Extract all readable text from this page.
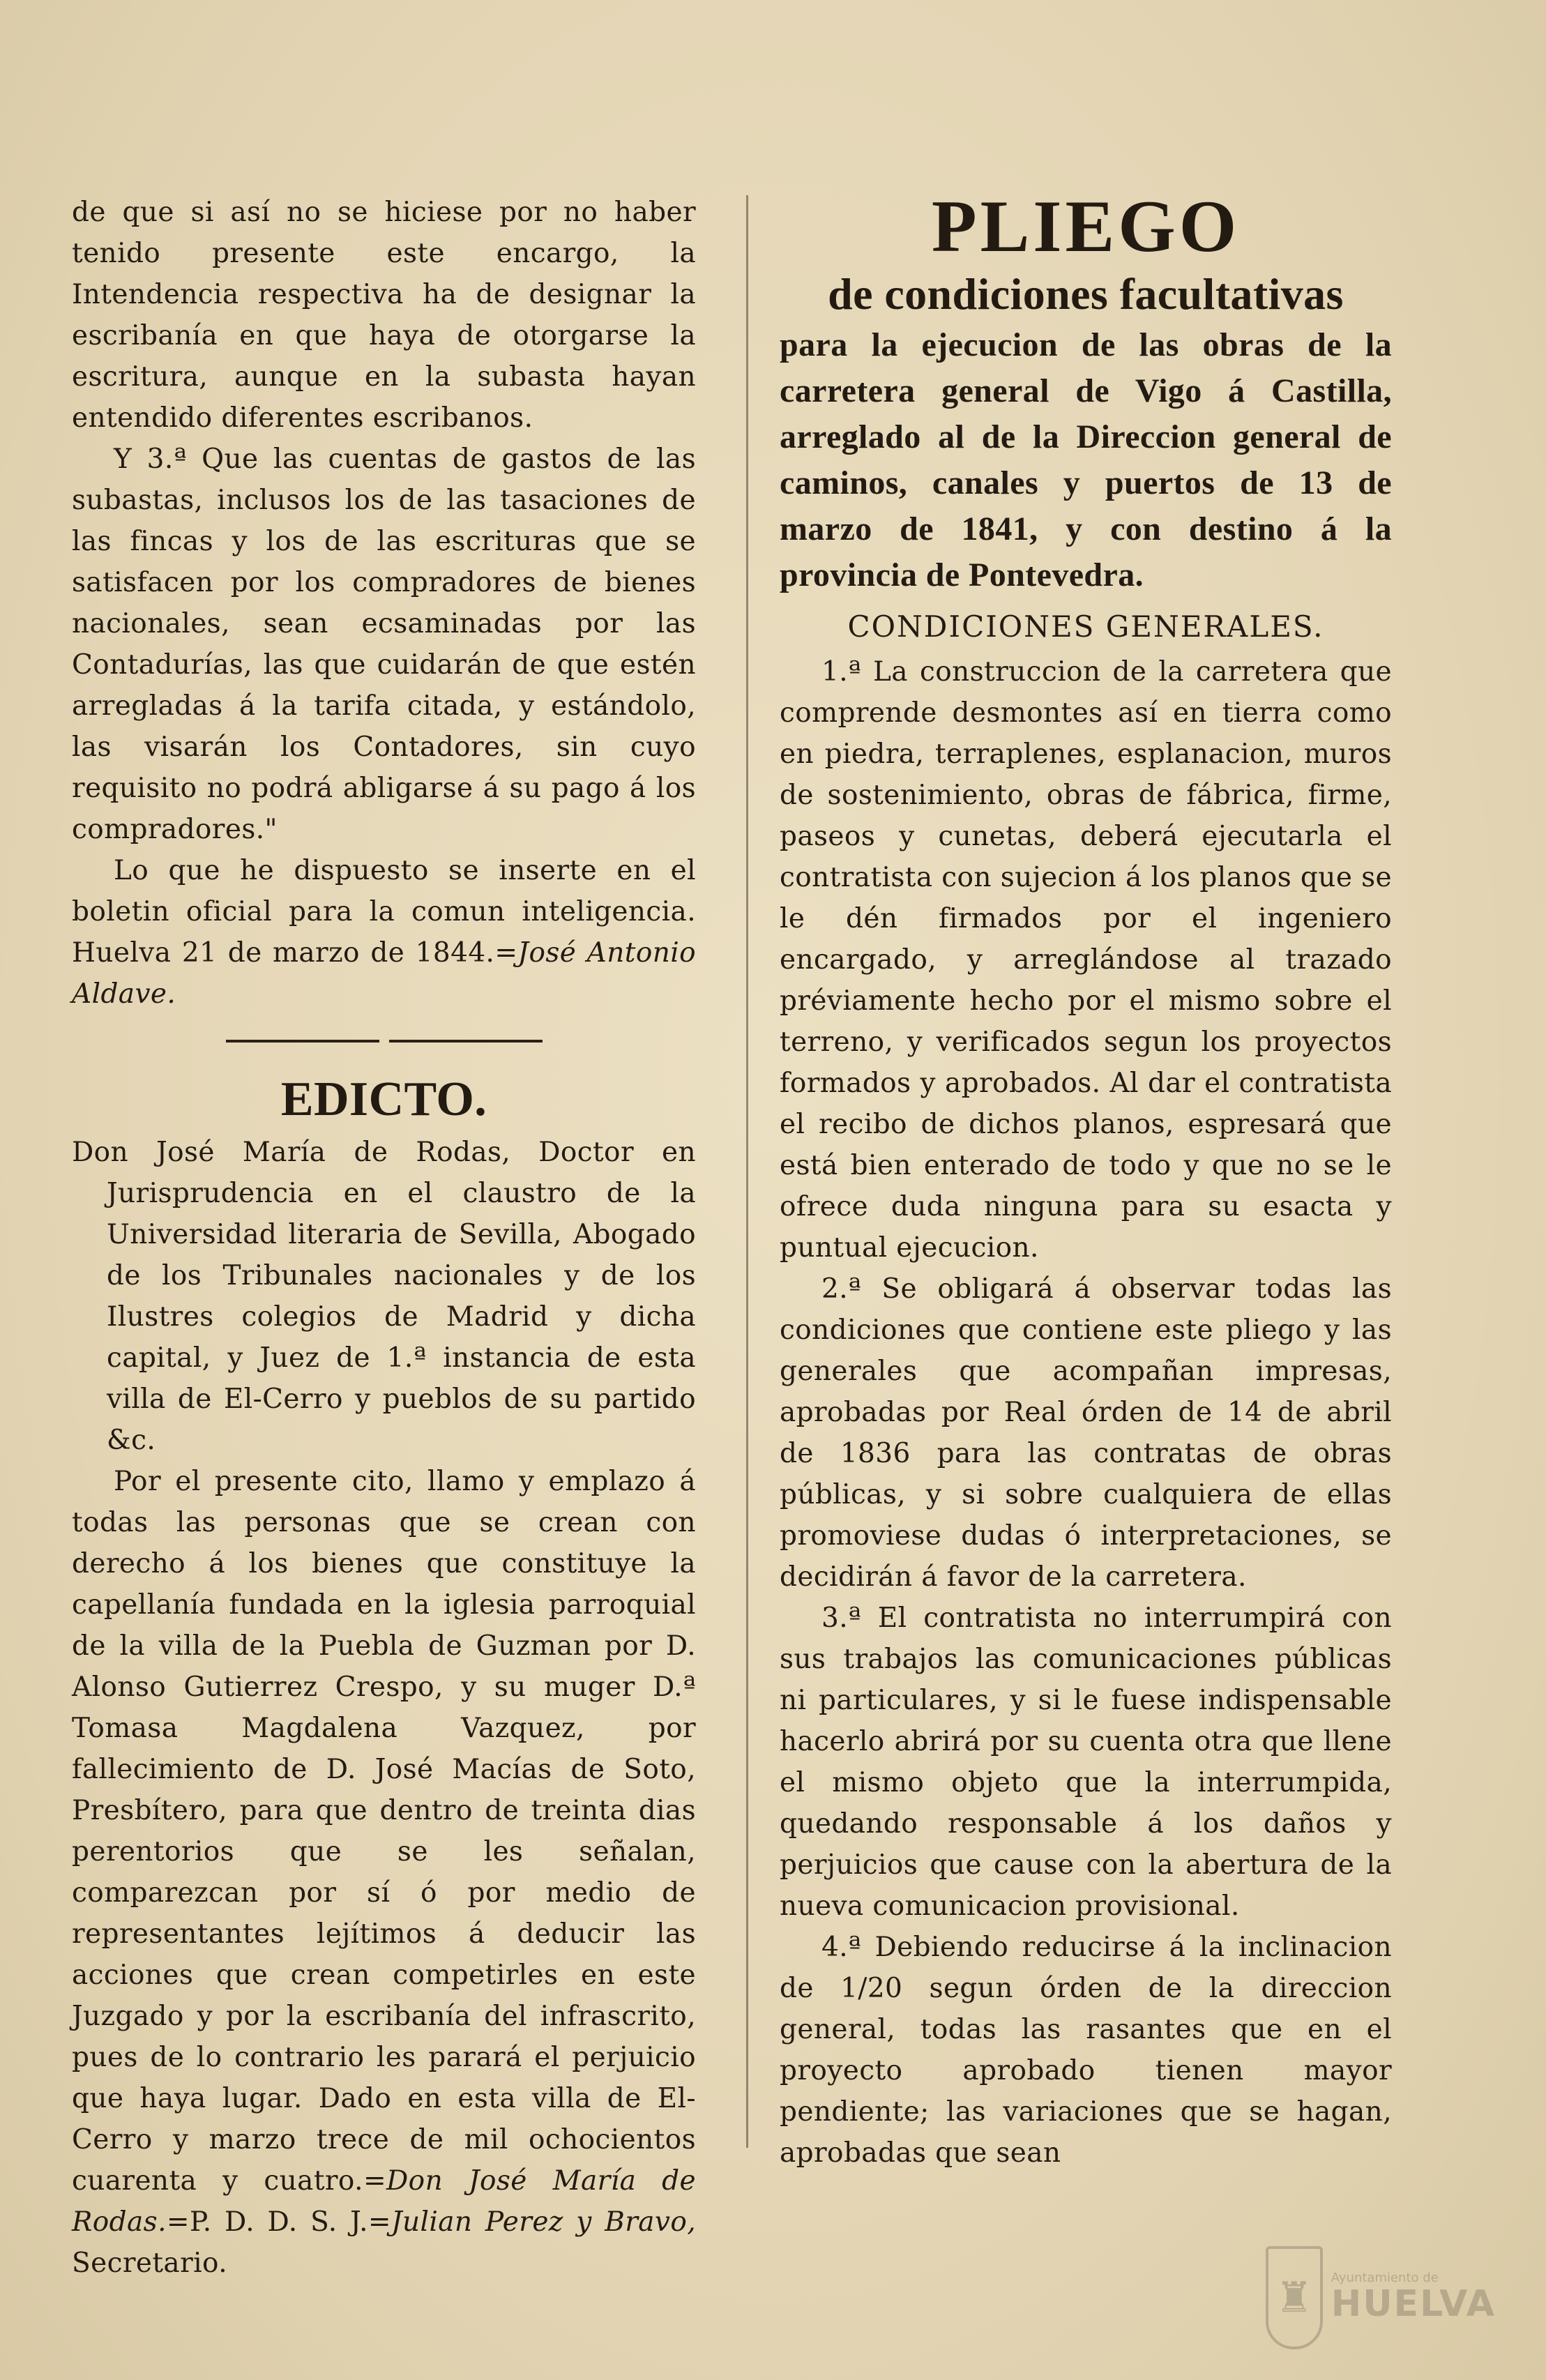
de que si así no se hiciese por no haber tenido presente este encargo, la Intendencia respectiva ha de designar la escribanía en que haya de otorgarse la escritura, aunque en la subasta hayan entendido diferentes escribanos.

Y 3.ª Que las cuentas de gastos de las subastas, inclusos los de las tasaciones de las fincas y los de las escrituras que se satisfacen por los compradores de bienes nacionales, sean ecsaminadas por las Contadurías, las que cuidarán de que estén arregladas á la tarifa citada, y estándolo, las visarán los Contadores, sin cuyo requisito no podrá abligarse á su pago á los compradores."

Lo que he dispuesto se inserte en el boletin oficial para la comun inteligencia. Huelva 21 de marzo de 1844.=José Antonio Aldave.

EDICTO.

Don José María de Rodas, Doctor en Jurisprudencia en el claustro de la Universidad literaria de Sevilla, Abogado de los Tribunales nacionales y de los Ilustres colegios de Madrid y dicha capital, y Juez de 1.ª instancia de esta villa de El-Cerro y pueblos de su partido &c.

Por el presente cito, llamo y emplazo á todas las personas que se crean con derecho á los bienes que constituye la capellanía fundada en la iglesia parroquial de la villa de la Puebla de Guzman por D. Alonso Gutierrez Crespo, y su muger D.ª Tomasa Magdalena Vazquez, por fallecimiento de D. José Macías de Soto, Presbítero, para que dentro de treinta dias perentorios que se les señalan, comparezcan por sí ó por medio de representantes lejítimos á deducir las acciones que crean competirles en este Juzgado y por la escribanía del infrascrito, pues de lo contrario les parará el perjuicio que haya lugar. Dado en esta villa de El-Cerro y marzo trece de mil ochocientos cuarenta y cuatro.=Don José María de Rodas.=P. D. D. S. J.=Julian Perez y Bravo, Secretario.

PLIEGO
de condiciones facultativas
para la ejecucion de las obras de la carretera general de Vigo á Castilla, arreglado al de la Direccion general de caminos, canales y puertos de 13 de marzo de 1841, y con destino á la provincia de Pontevedra.
CONDICIONES GENERALES.

1.ª La construccion de la carretera que comprende desmontes así en tierra como en piedra, terraplenes, esplanacion, muros de sostenimiento, obras de fábrica, firme, paseos y cunetas, deberá ejecutarla el contratista con sujecion á los planos que se le dén firmados por el ingeniero encargado, y arreglándose al trazado préviamente hecho por el mismo sobre el terreno, y verificados segun los proyectos formados y aprobados. Al dar el contratista el recibo de dichos planos, espresará que está bien enterado de todo y que no se le ofrece duda ninguna para su esacta y puntual ejecucion.

2.ª Se obligará á observar todas las condiciones que contiene este pliego y las generales que acompañan impresas, aprobadas por Real órden de 14 de abril de 1836 para las contratas de obras públicas, y si sobre cualquiera de ellas promoviese dudas ó interpretaciones, se decidirán á favor de la carretera.

3.ª El contratista no interrumpirá con sus trabajos las comunicaciones públicas ni particulares, y si le fuese indispensable hacerlo abrirá por su cuenta otra que llene el mismo objeto que la interrumpida, quedando responsable á los daños y perjuicios que cause con la abertura de la nueva comunicacion provisional.

4.ª Debiendo reducirse á la inclinacion de 1/20 segun órden de la direccion general, todas las rasantes que en el proyecto aprobado tienen mayor pendiente; las variaciones que se hagan, aprobadas que sean

♜	Ayuntamiento de
HUELVA
